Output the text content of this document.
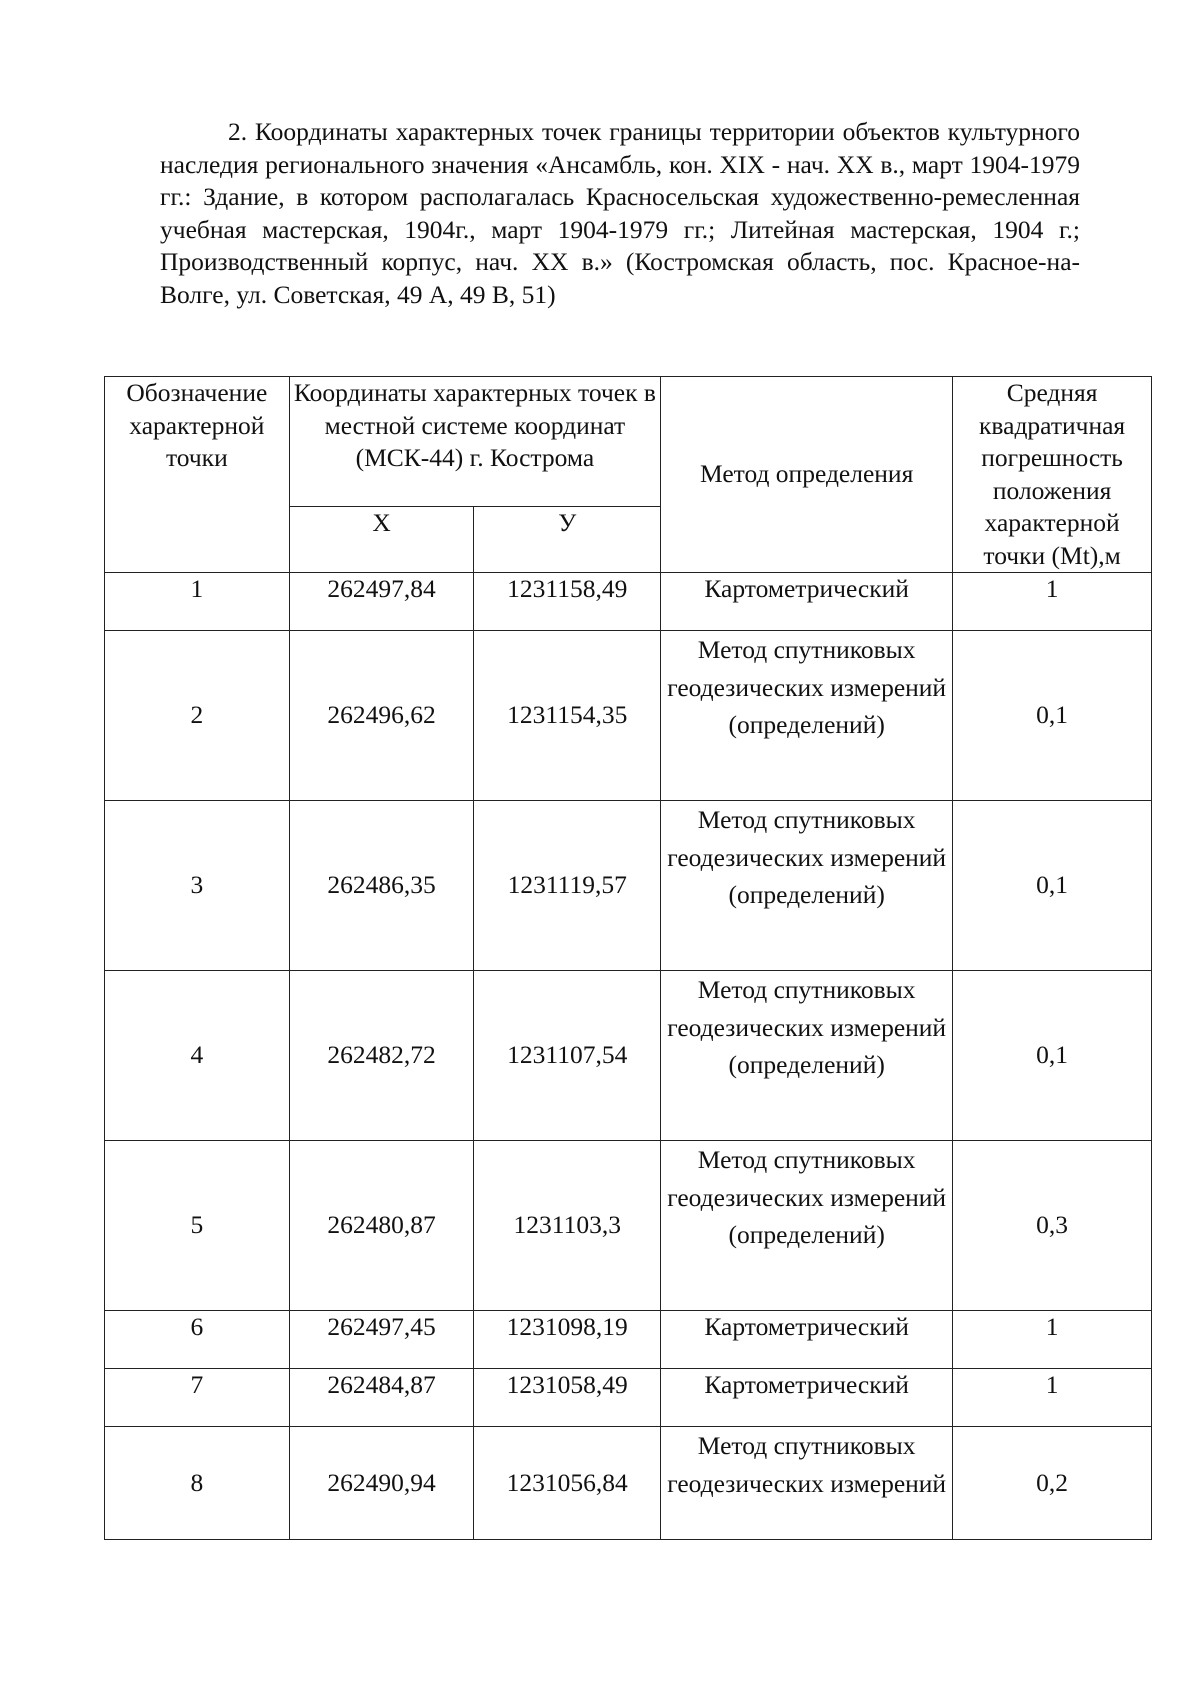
2. Координаты характерных точек границы территории объектов культурного наследия регионального значения «Ансамбль, кон. XIX - нач. XX в., март 1904-1979 гг.: Здание, в котором располагалась Красносельская художественно-ремесленная учебная мастерская, 1904г., март 1904-1979 гг.; Литейная мастерская, 1904 г.; Производственный корпус, нач. XX в.» (Костромская область, пос. Красное-на-Волге, ул. Советская, 49 А, 49 В, 51)

Обозначение характерной точки	Координаты характерных точек в местной системе координат (МСК-44) г. Кострома		Метод определения	Средняя квадратичная погрешность положения характерной точки (Mt),м
	X	У		
1	262497,84	1231158,49	Картометрический	1
2	262496,62	1231154,35	Метод спутниковых геодезических измерений (определений)	0,1
3	262486,35	1231119,57	Метод спутниковых геодезических измерений (определений)	0,1
4	262482,72	1231107,54	Метод спутниковых геодезических измерений (определений)	0,1
5	262480,87	1231103,3	Метод спутниковых геодезических измерений (определений)	0,3
6	262497,45	1231098,19	Картометрический	1
7	262484,87	1231058,49	Картометрический	1
8	262490,94	1231056,84	Метод спутниковых геодезических измерений	0,2
